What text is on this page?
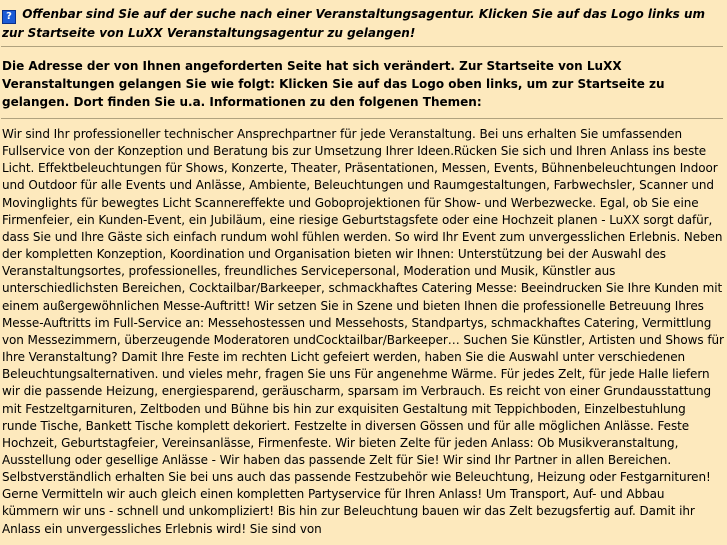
? Offenbar sind Sie auf der suche nach einer Veranstaltungsagentur. Klicken Sie auf das Logo links um zur Startseite von LuXX Veranstaltungsagentur zu gelangen!
Die Adresse der von Ihnen angeforderten Seite hat sich verändert. Zur Startseite von LuXX Veranstaltungen gelangen Sie wie folgt: Klicken Sie auf das Logo oben links, um zur Startseite zu gelangen. Dort finden Sie u.a. Informationen zu den folgenen Themen:
Wir sind Ihr professioneller technischer Ansprechpartner für jede Veranstaltung. Bei uns erhalten Sie umfassenden Fullservice von der Konzeption und Beratung bis zur Umsetzung Ihrer Ideen.Rücken Sie sich und Ihren Anlass ins beste Licht. Effektbeleuchtungen für Shows, Konzerte, Theater, Präsentationen, Messen, Events, Bühnenbeleuchtungen Indoor und Outdoor für alle Events und Anlässe, Ambiente, Beleuchtungen und Raumgestaltungen, Farbwechsler, Scanner und Movinglights für bewegtes Licht Scannereffekte und Goboprojektionen für Show- und Werbezwecke. Egal, ob Sie eine Firmenfeier, ein Kunden-Event, ein Jubiläum, eine riesige Geburtstagsfete oder eine Hochzeit planen - LuXX sorgt dafür, dass Sie und Ihre Gäste sich einfach rundum wohl fühlen werden. So wird Ihr Event zum unvergesslichen Erlebnis. Neben der kompletten Konzeption, Koordination und Organisation bieten wir Ihnen: Unterstützung bei der Auswahl des Veranstaltungsortes, professionelles, freundliches Servicepersonal, Moderation und Musik, Künstler aus unterschiedlichsten Bereichen, Cocktailbar/Barkeeper, schmackhaftes Catering Messe: Beeindrucken Sie Ihre Kunden mit einem außergewöhnlichen Messe-Auftritt! Wir setzen Sie in Szene und bieten Ihnen die professionelle Betreuung Ihres Messe-Auftritts im Full-Service an: Messehostessen und Messehosts, Standpartys, schmackhaftes Catering, Vermittlung von Messezimmern, überzeugende Moderatoren undCocktailbar/Barkeeper… Suchen Sie Künstler, Artisten und Shows für Ihre Veranstaltung? Damit Ihre Feste im rechten Licht gefeiert werden, haben Sie die Auswahl unter verschiedenen Beleuchtungsalternativen. und vieles mehr, fragen Sie uns Für angenehme Wärme. Für jedes Zelt, für jede Halle liefern wir die passende Heizung, energiesparend, geräuscharm, sparsam im Verbrauch. Es reicht von einer Grundausstattung mit Festzeltgarnituren, Zeltboden und Bühne bis hin zur exquisiten Gestaltung mit Teppichboden, Einzelbestuhlung runde Tische, Bankett Tische komplett dekoriert. Festzelte in diversen Gössen und für alle möglichen Anlässe. Feste Hochzeit, Geburtstagfeier, Vereinsanlässe, Firmenfeste. Wir bieten Zelte für jeden Anlass: Ob Musikveranstaltung, Ausstellung oder gesellige Anlässe - Wir haben das passende Zelt für Sie! Wir sind Ihr Partner in allen Bereichen. Selbstverständlich erhalten Sie bei uns auch das passende Festzubehör wie Beleuchtung, Heizung oder Festgarnituren! Gerne Vermitteln wir auch gleich einen kompletten Partyservice für Ihren Anlass! Um Transport, Auf- und Abbau kümmern wir uns - schnell und unkompliziert! Bis hin zur Beleuchtung bauen wir das Zelt bezugsfertig auf. Damit ihr Anlass ein unvergessliches Erlebnis wird! Sie sind von
